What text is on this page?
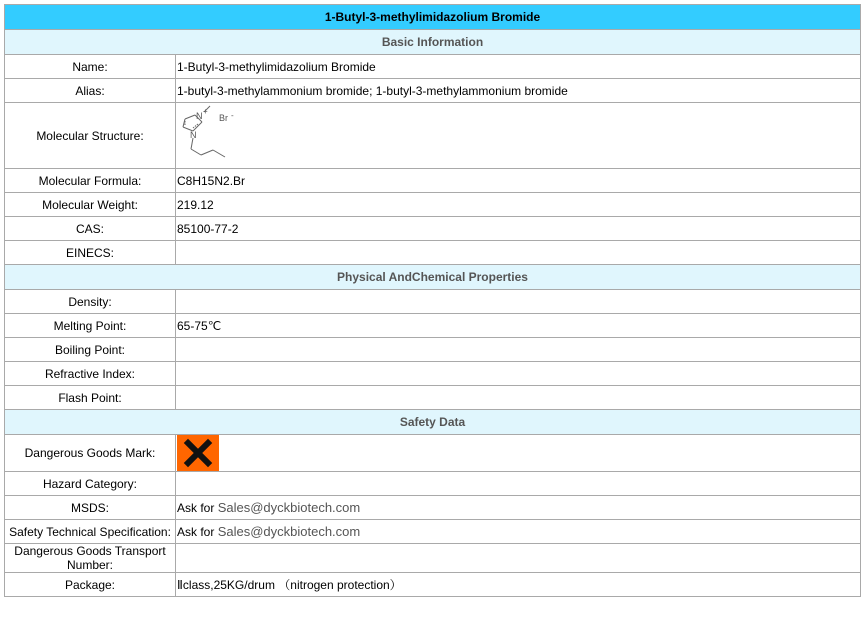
1-Butyl-3-methylimidazolium Bromide	
Basic Information	
Name:	1-Butyl-3-methylimidazolium Bromide
Alias:	1-butyl-3-methylammonium bromide; 1-butyl-3-methylammonium bromide
Molecular Structure:	N +
N
Br -

Molecular Formula:	C8H15N2.Br
Molecular Weight:	219.12
CAS:	85100-77-2
EINECS:	
Physical AndChemical Properties	
Density:	
Melting Point:	65-75℃
Boiling Point:	
Refractive Index:	
Flash Point:	
Safety Data	
Dangerous Goods Mark:	

Hazard Category:	
MSDS:	Ask for Sales@dyckbiotech.com
Safety Technical Specification:	Ask for Sales@dyckbiotech.com
Dangerous Goods Transport Number:	
Package:	Ⅱclass,25KG/drum （nitrogen protection）
